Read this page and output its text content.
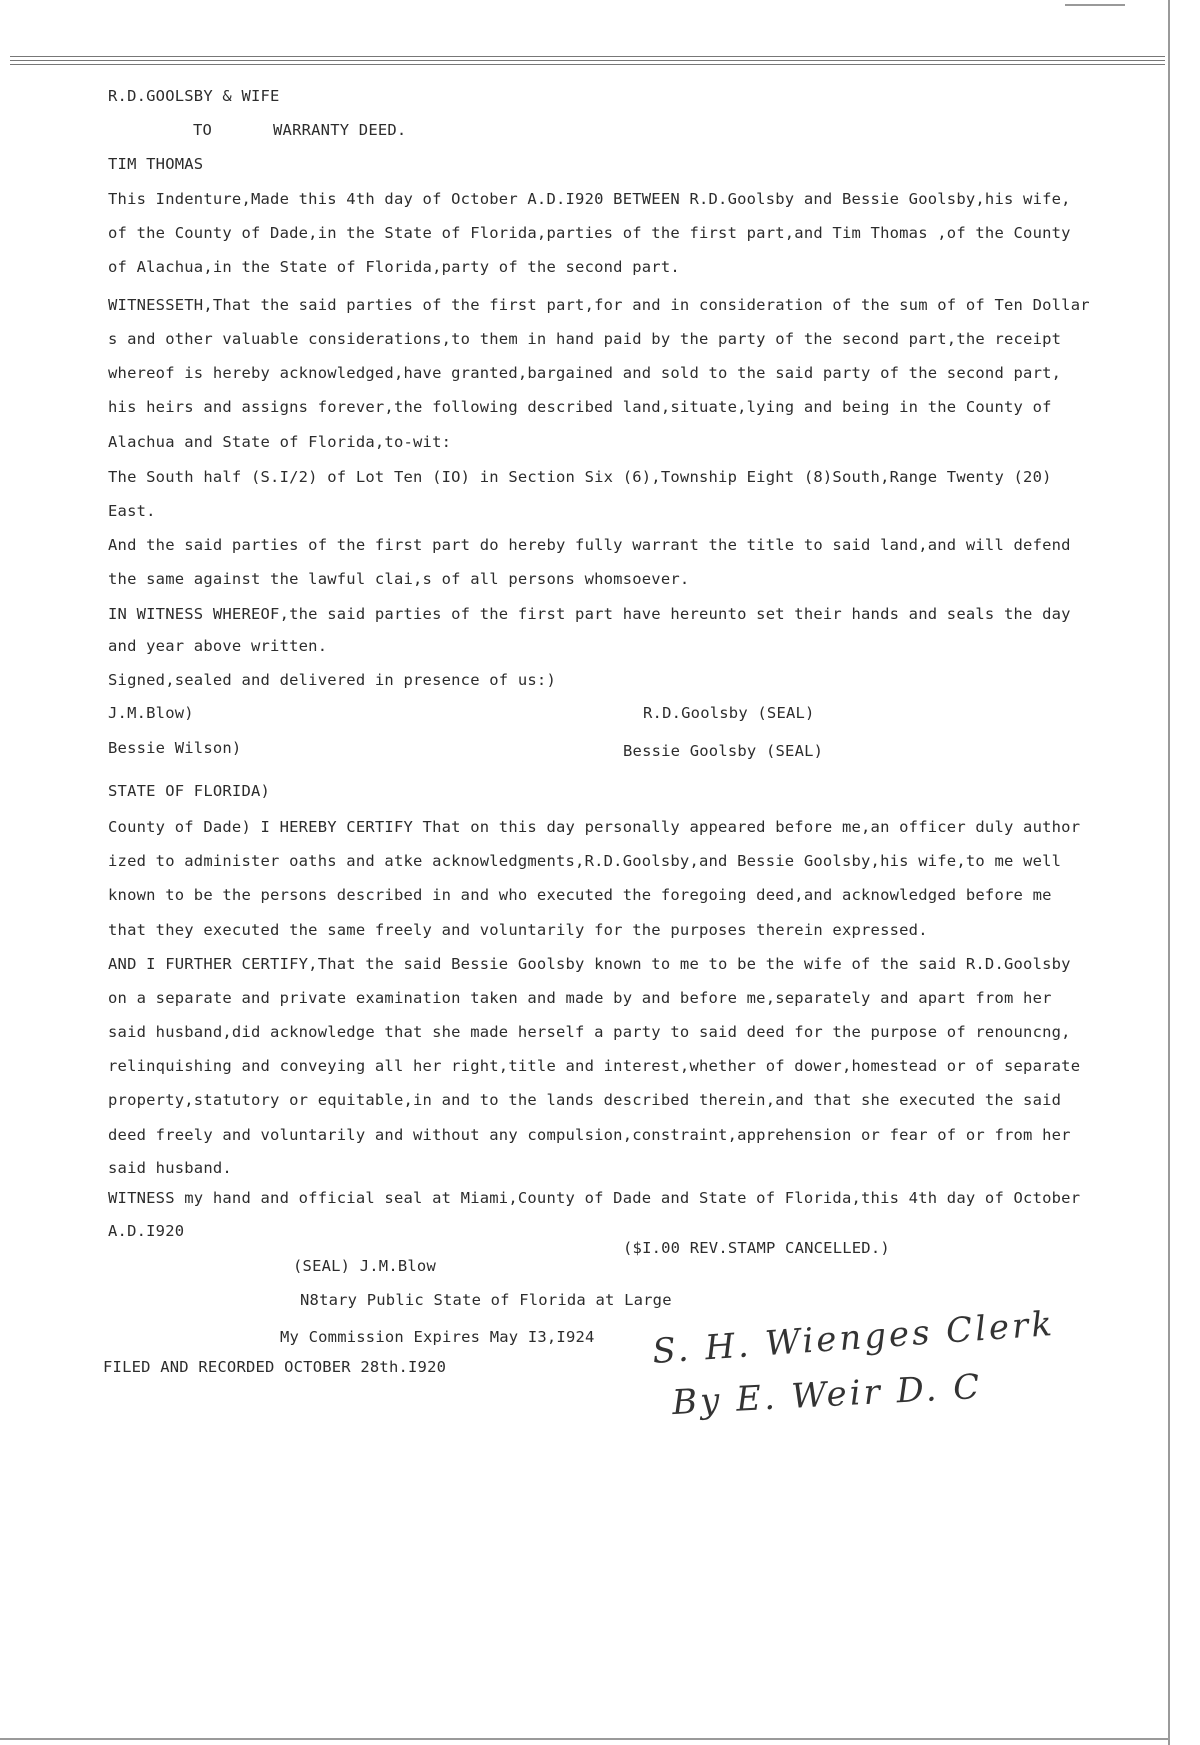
R.D.GOOLSBY & WIFE
TO	WARRANTY DEED.
TIM THOMAS
This Indenture,Made this 4th day of October A.D.I920 BETWEEN R.D.Goolsby and Bessie Goolsby,his wife,
of the County of Dade,in the State of Florida,parties of the first part,and Tim Thomas ,of the County
of Alachua,in the State of Florida,party of the second part.
WITNESSETH,That the said parties of the first part,for and in consideration of the sum of of Ten Dollar
s and other valuable considerations,to them in hand paid by the party of the second part,the receipt
whereof is hereby acknowledged,have granted,bargained and sold to the said party of the second part,
his heirs and assigns forever,the following described land,situate,lying and being in the County of
Alachua and State of Florida,to-wit:
The South half (S.I/2) of Lot Ten (IO) in Section Six (6),Township Eight (8)South,Range Twenty (20)
East.
And the said parties of the first part do hereby fully warrant the title to said land,and will defend
the same against the lawful clai,s of all persons whomsoever.
IN WITNESS WHEREOF,the said parties of the first part have hereunto set their hands and seals the day
and year above written.
Signed,sealed and delivered in presence of us:)
J.M.Blow)
Bessie Wilson)
R.D.Goolsby (SEAL)
Bessie Goolsby (SEAL)
STATE OF FLORIDA)
County of Dade) I HEREBY CERTIFY That on this day personally appeared before me,an officer duly author
ized to administer oaths and atke acknowledgments,R.D.Goolsby,and Bessie Goolsby,his wife,to me well
known to be the persons described in and who executed the foregoing deed,and acknowledged before me
that they executed the same freely and voluntarily for the purposes therein expressed.
AND I FURTHER CERTIFY,That the said Bessie Goolsby known to me to be the wife of the said R.D.Goolsby
on a separate and private examination taken and made by and before me,separately and apart from her
said husband,did acknowledge that she made herself a party to said deed for the purpose of renouncng,
relinquishing and conveying all her right,title and interest,whether of dower,homestead or of separate
property,statutory or equitable,in and to the lands described therein,and that she executed the said
deed freely and voluntarily and without any compulsion,constraint,apprehension or fear of or from her
said husband.
WITNESS my hand and official seal at Miami,County of Dade and State of Florida,this 4th day of October
A.D.I920
($I.00 REV.STAMP CANCELLED.)
(SEAL) J.M.Blow
N8tary Public State of Florida at Large
My Commission Expires May I3,I924
FILED AND RECORDED OCTOBER 28th.I920	S. H. Wienges Clerk
By E. Weir D. C
